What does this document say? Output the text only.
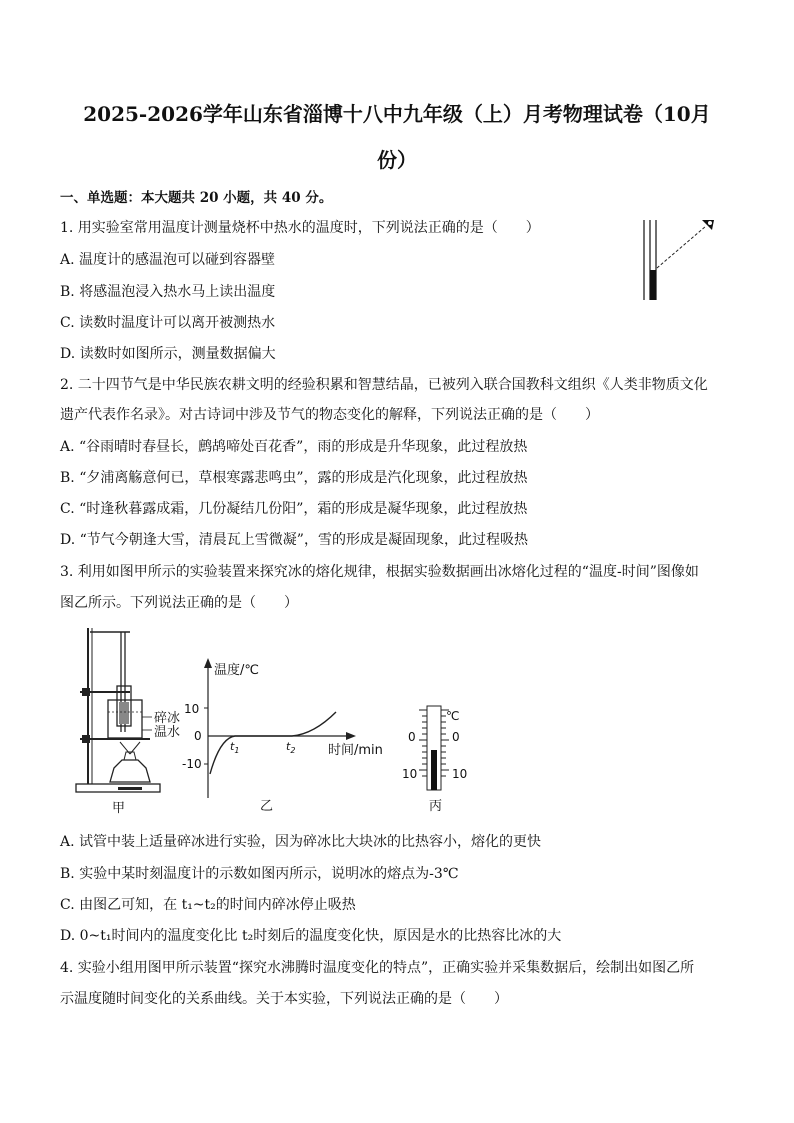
2025-2026学年山东省淄博十八中九年级（上）月考物理试卷（10月
份）
一、单选题：本大题共 20 小题，共 40 分。
1. 用实验室常用温度计测量烧杯中热水的温度时，下列说法正确的是（　　）
A. 温度计的感温泡可以碰到容器壁
B. 将感温泡浸入热水马上读出温度
C. 读数时温度计可以离开被测热水
D. 读数时如图所示，测量数据偏大
2. 二十四节气是中华民族农耕文明的经验积累和智慧结晶，已被列入联合国教科文组织《人类非物质文化
遗产代表作名录》。对古诗词中涉及节气的物态变化的解释，下列说法正确的是（　　）
A. “谷雨晴时春昼长，鹧鸪啼处百花香”，雨的形成是升华现象，此过程放热
B. “夕浦离觞意何已，草根寒露悲鸣虫”，露的形成是汽化现象，此过程放热
C. “时逢秋暮露成霜，几份凝结几份阳”，霜的形成是凝华现象，此过程放热
D. “节气今朝逢大雪，清晨瓦上雪微凝”，雪的形成是凝固现象，此过程吸热
3. 利用如图甲所示的实验装置来探究冰的熔化规律，根据实验数据画出冰熔化过程的“温度-时间”图像如
图乙所示。下列说法正确的是（　　）
碎冰
温水
甲
温度/℃
10
0
-10
$t_1$	$t_2$	时间/min
乙
℃
0
10
0
10
丙
A. 试管中装上适量碎冰进行实验，因为碎冰比大块冰的比热容小，熔化的更快
B. 实验中某时刻温度计的示数如图丙所示，说明冰的熔点为-3℃
C. 由图乙可知，在 t₁~t₂的时间内碎冰停止吸热
D. 0~t₁时间内的温度变化比 t₂时刻后的温度变化快，原因是水的比热容比冰的大
4. 实验小组用图甲所示装置“探究水沸腾时温度变化的特点”，正确实验并采集数据后，绘制出如图乙所
示温度随时间变化的关系曲线。关于本实验，下列说法正确的是（　　）
